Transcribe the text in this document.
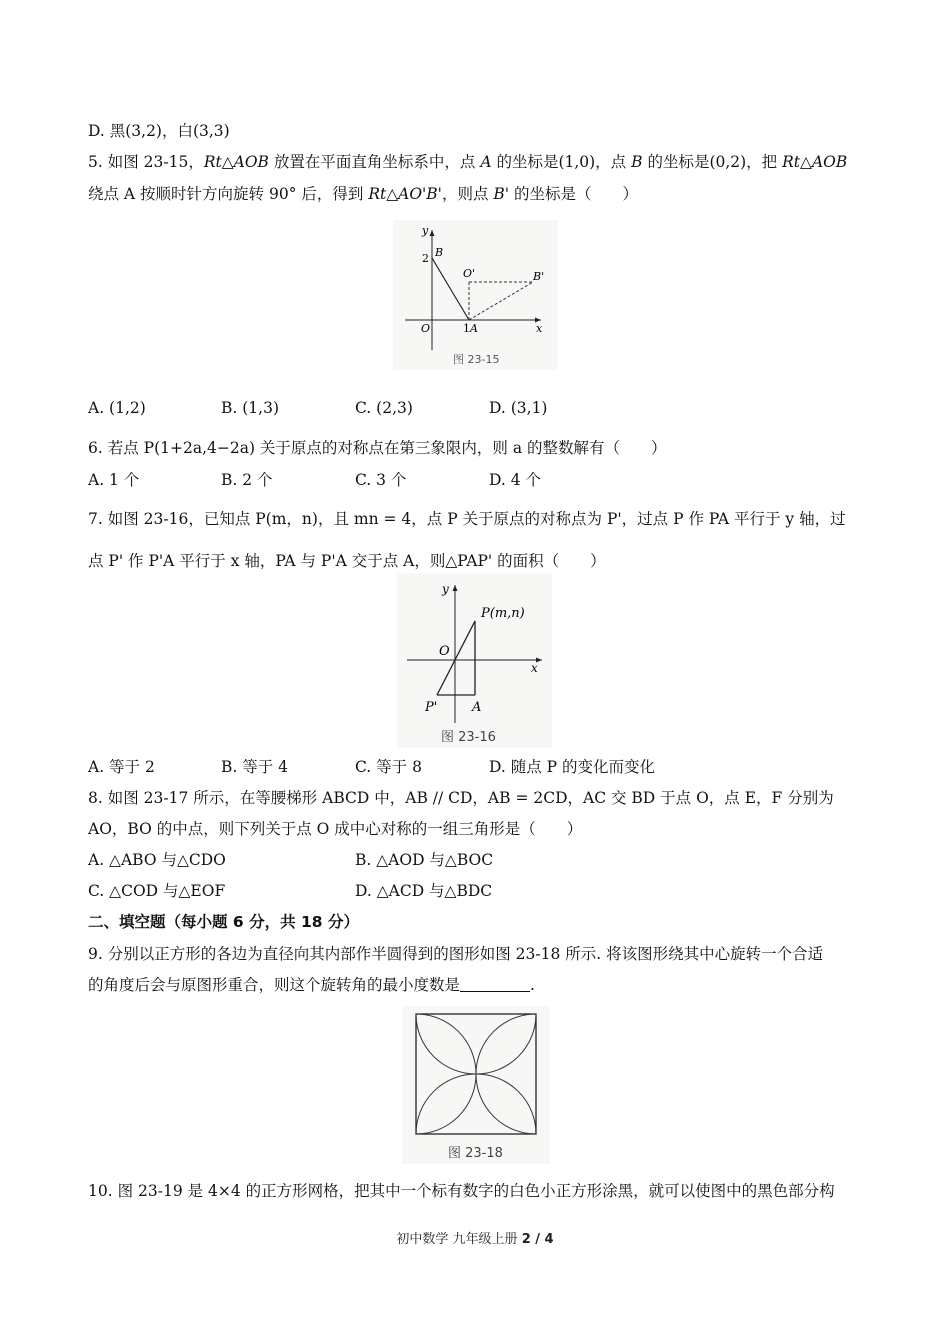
D. 黑(3,2)，白(3,3)
5. 如图 23-15，Rt△AOB 放置在平面直角坐标系中，点 A 的坐标是(1,0)，点 B 的坐标是(0,2)，把 Rt△AOB
绕点 A 按顺时针方向旋转 90° 后，得到 Rt△AO'B'，则点 B' 的坐标是（　　）
y
x
2 B
O'	B'
O	1 A
图 23-15
A. (1,2)	B. (1,3)	C. (2,3)	D. (3,1)
6. 若点 P(1+2a,4−2a) 关于原点的对称点在第三象限内，则 a 的整数解有（　　）
A. 1 个	B. 2 个	C. 3 个	D. 4 个
7. 如图 23-16，已知点 P(m，n)，且 mn = 4，点 P 关于原点的对称点为 P'，过点 P 作 PA 平行于 y 轴，过
点 P' 作 P'A 平行于 x 轴，PA 与 P'A 交于点 A，则△PAP' 的面积（　　）
y
x
P(m,n)
O
P'	A
图 23-16
A. 等于 2	B. 等于 4	C. 等于 8	D. 随点 P 的变化而变化
8. 如图 23-17 所示，在等腰梯形 ABCD 中，AB // CD，AB = 2CD，AC 交 BD 于点 O，点 E，F 分别为
AO，BO 的中点，则下列关于点 O 成中心对称的一组三角形是（　　）
A. △ABO 与△CDO	B. △AOD 与△BOC
C. △COD 与△EOF	D. △ACD 与△BDC
二、填空题（每小题 6 分，共 18 分）
9. 分别以正方形的各边为直径向其内部作半圆得到的图形如图 23-18 所示. 将该图形绕其中心旋转一个合适
的角度后会与原图形重合，则这个旋转角的最小度数是	.
图 23-18
10. 图 23-19 是 4×4 的正方形网格，把其中一个标有数字的白色小正方形涂黑，就可以使图中的黑色部分构
初中数学 九年级上册 2 / 4
